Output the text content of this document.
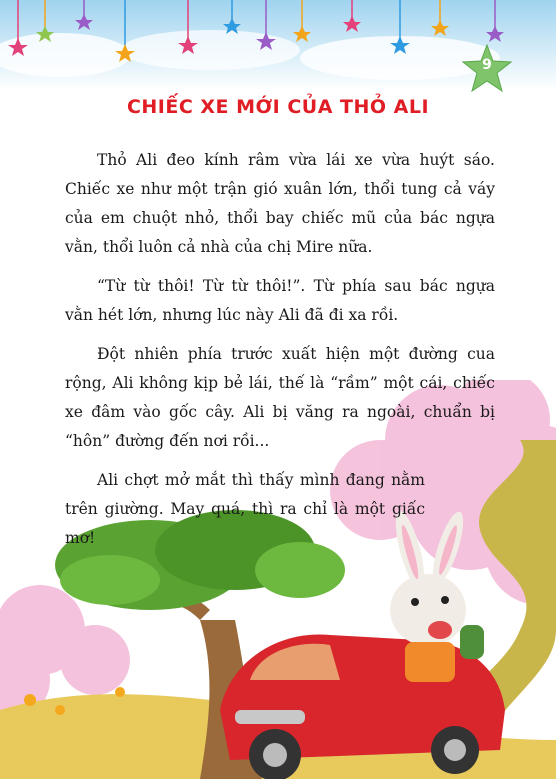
9
CHIẾC XE MỚI CỦA THỎ ALI

Thỏ Ali đeo kính râm vừa lái xe vừa huýt sáo. Chiếc xe như một trận gió xuân lớn, thổi tung cả váy của em chuột nhỏ, thổi bay chiếc mũ của bác ngựa vằn, thổi luôn cả nhà của chị Mire nữa.

“Từ từ thôi! Từ từ thôi!”. Từ phía sau bác ngựa vằn hét lớn, nhưng lúc này Ali đã đi xa rồi.

Đột nhiên phía trước xuất hiện một đường cua rộng, Ali không kịp bẻ lái, thế là “rầm” một cái, chiếc xe đâm vào gốc cây. Ali bị văng ra ngoài, chuẩn bị “hôn” đường đến nơi rồi...

Ali chợt mở mắt thì thấy mình đang nằm trên giường. May quá, thì ra chỉ là một giấc mơ!
